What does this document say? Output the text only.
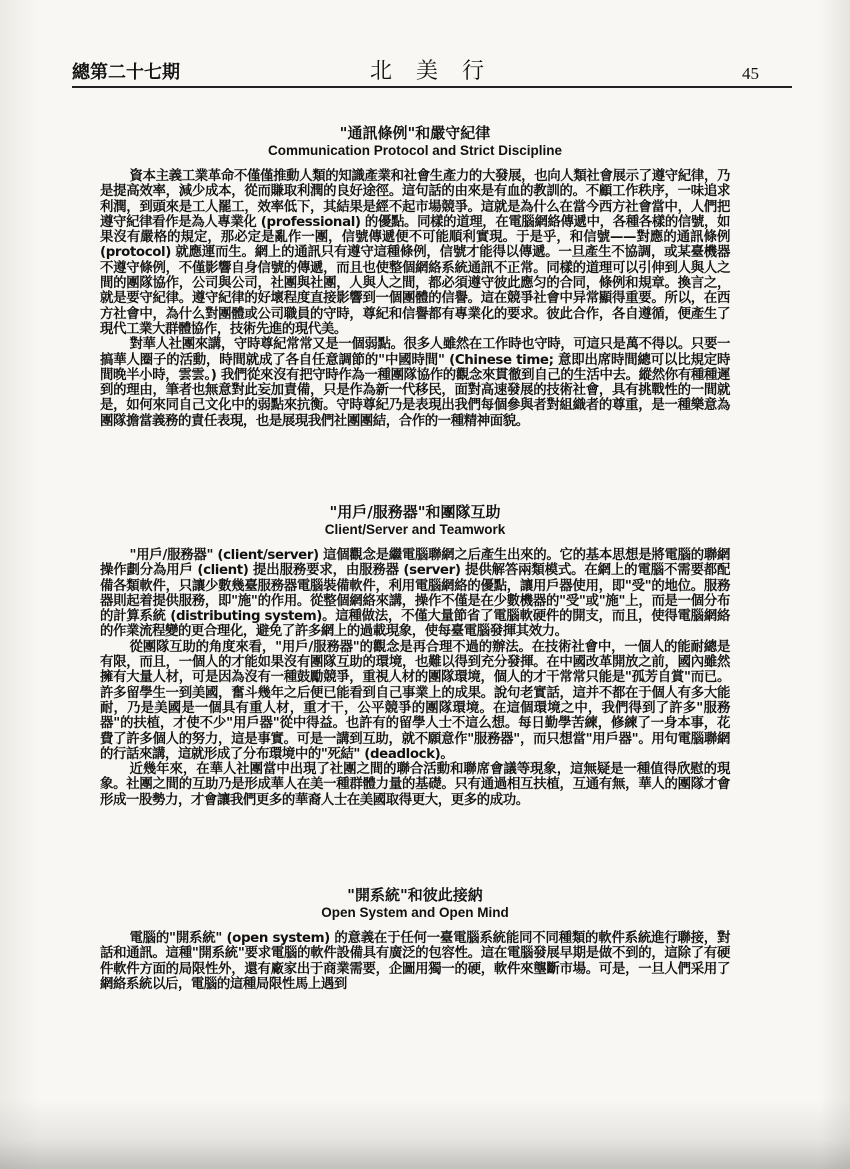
總第二十七期	北美行	45

"通訊條例"和嚴守紀律

Communication Protocol and Strict Discipline

資本主義工業革命不僅僅推動人類的知識產業和社會生產力的大發展，也向人類社會展示了遵守紀律，乃是提高效率，減少成本，從而賺取利潤的良好途徑。這句話的由來是有血的教訓的。不顧工作秩序，一味追求利潤，到頭來是工人罷工，效率低下，其結果是經不起市場競爭。這就是為什么在當今西方社會當中，人們把遵守紀律看作是為人專業化 (professional) 的優點。同樣的道理，在電腦網絡傳遞中，各種各樣的信號，如果沒有嚴格的規定，那必定是亂作一團，信號傳遞便不可能順利實現。于是乎，和信號——對應的通訊條例 (protocol) 就應運而生。網上的通訊只有遵守這種條例，信號才能得以傳遞。一旦產生不協調，或某臺機器不遵守條例，不僅影響自身信號的傳遞，而且也使整個網絡系統通訊不正常。同樣的道理可以引伸到人與人之間的團隊協作，公司與公司，社團與社團，人與人之間，都必須遵守彼此應匀的合同，條例和規章。換言之，就是要守紀律。遵守紀律的好壞程度直接影響到一個團體的信譽。這在競爭社會中异常顯得重要。所以，在西方社會中，為什么對團體或公司職員的守時，尊紀和信譽都有專業化的要求。彼此合作，各自遵循，便產生了現代工業大群體協作，技術先進的現代美。

對華人社團來講，守時尊紀常常又是一個弱點。很多人雖然在工作時也守時，可這只是萬不得以。只要一搞華人圈子的活動，時間就成了各自任意調節的"中國時間" (Chinese time; 意即出席時間總可以比規定時間晚半小時，雲雲。) 我們從來沒有把守時作為一種團隊協作的觀念來貫徹到自己的生活中去。縱然你有種種遲到的理由，筆者也無意對此妄加責備，只是作為新一代移民，面對高速發展的技術社會，具有挑戰性的一間就是，如何來同自己文化中的弱點來抗衡。守時尊紀乃是表現出我們每個參與者對組織者的尊重，是一種樂意為團隊擔當義務的責任表現，也是展現我們社團團結，合作的一種精神面貌。

"用戶/服務器"和團隊互助

Client/Server and Teamwork

"用戶/服務器" (client/server) 這個觀念是繼電腦聯網之后產生出來的。它的基本思想是將電腦的聯網操作劃分為用戶 (client) 提出服務要求，由服務器 (server) 提供解答兩類模式。在網上的電腦不需要都配備各類軟件，只讓少數幾臺服務器電腦裝備軟件，利用電腦網絡的優點，讓用戶器使用，即"受"的地位。服務器則起着提供服務，即"施"的作用。從整個網絡來講，操作不僅是在少數機器的"受"或"施"上，而是一個分布的計算系統 (distributing system)。這種做法，不僅大量節省了電腦軟硬件的開支，而且，使得電腦網絡的作業流程變的更合理化，避免了許多網上的過載現象，使每臺電腦發揮其效力。

從團隊互助的角度來看，"用戶/服務器"的觀念是再合理不過的辦法。在技術社會中，一個人的能耐總是有限，而且，一個人的才能如果沒有團隊互助的環境，也難以得到充分發揮。在中國改革開放之前，國內雖然擁有大量人材，可是因為沒有一種鼓勵競爭，重視人材的團隊環境，個人的才干常常只能是"孤芳自賞"而已。許多留學生一到美國，奮斗幾年之后便已能看到自己事業上的成果。說句老實話，這并不都在于個人有多大能耐，乃是美國是一個具有重人材，重才干，公平競爭的團隊環境。在這個環境之中，我們得到了許多"服務器"的扶植，才使不少"用戶器"從中得益。也許有的留學人士不這么想。每日勤學苦練，修練了一身本事，花費了許多個人的努力，這是事實。可是一講到互助，就不願意作"服務器"，而只想當"用戶器"。用句電腦聯網的行話來講，這就形成了分布環境中的"死結" (deadlock)。

近幾年來，在華人社團當中出現了社團之間的聯合活動和聯席會議等現象，這無疑是一種值得欣慰的現象。社團之間的互助乃是形成華人在美一種群體力量的基礎。只有通過相互扶植，互通有無，華人的團隊才會形成一股勢力，才會讓我們更多的華裔人士在美國取得更大，更多的成功。

"開系統"和彼此接納

Open System and Open Mind

電腦的"開系統" (open system) 的意義在于任何一臺電腦系統能同不同種類的軟件系統進行聯接，對話和通訊。這種"開系統"要求電腦的軟件設備具有廣泛的包容性。這在電腦發展早期是做不到的，這除了有硬件軟件方面的局限性外，還有廠家出于商業需要，企圖用獨一的硬，軟件來壟斷市場。可是，一旦人們采用了網絡系統以后，電腦的這種局限性馬上遇到
